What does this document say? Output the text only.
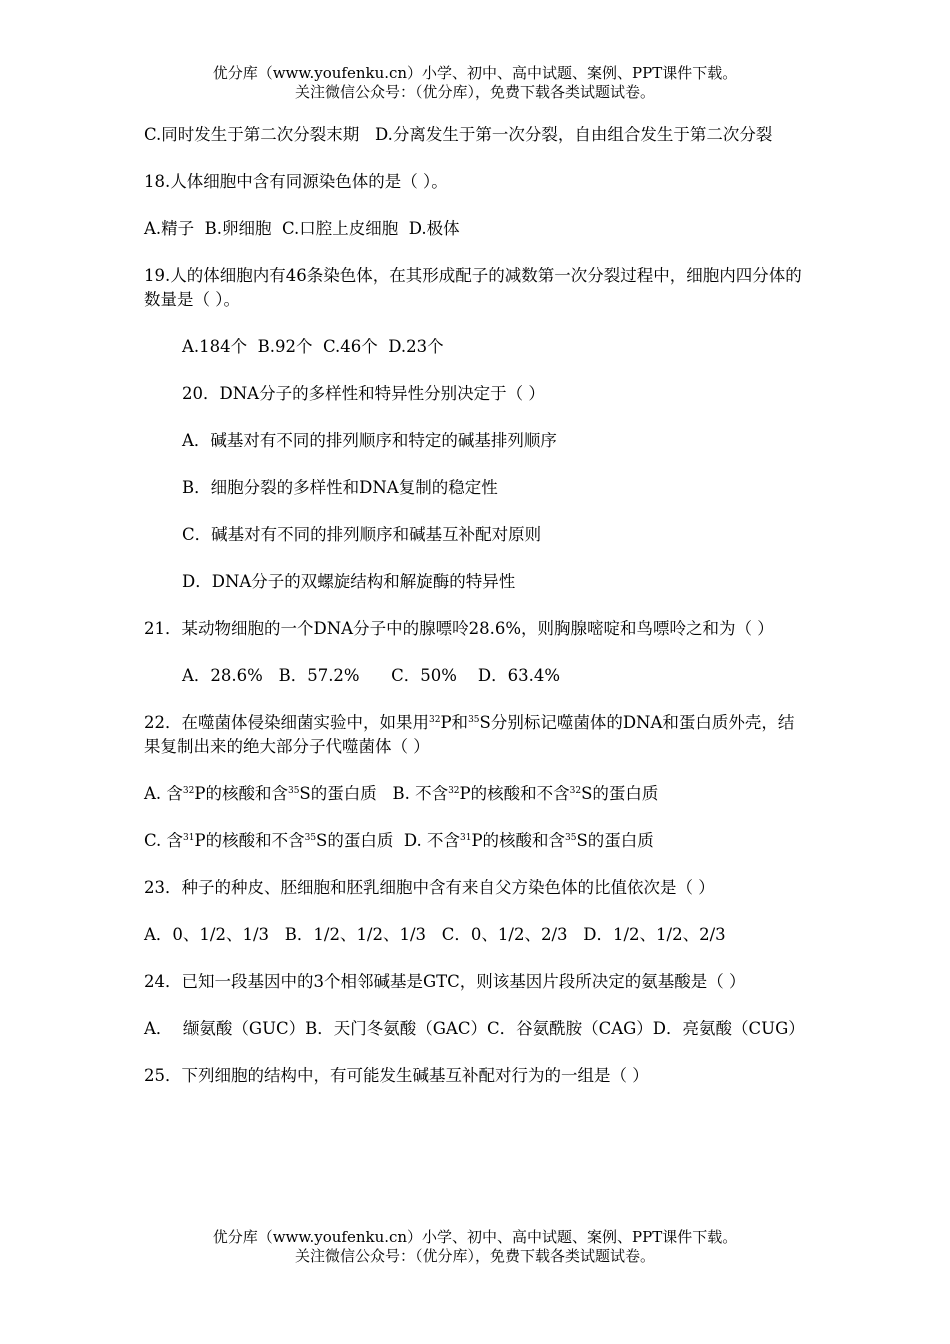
优分库（www.youfenku.cn）小学、初中、高中试题、案例、PPT课件下载。
关注微信公众号：（优分库），免费下载各类试题试卷。

C.同时发生于第二次分裂末期   D.分离发生于第一次分裂，自由组合发生于第二次分裂

18.人体细胞中含有同源染色体的是（ ）。

A.精子  B.卵细胞  C.口腔上皮细胞  D.极体

19.人的体细胞内有46条染色体，在其形成配子的减数第一次分裂过程中，细胞内四分体的数量是（ ）。

A.184个  B.92个  C.46个  D.23个

20．DNA分子的多样性和特异性分别决定于（ ）

A．碱基对有不同的排列顺序和特定的碱基排列顺序

B．细胞分裂的多样性和DNA复制的稳定性

C．碱基对有不同的排列顺序和碱基互补配对原则

D．DNA分子的双螺旋结构和解旋酶的特异性

21．某动物细胞的一个DNA分子中的腺嘌呤28.6%，则胸腺嘧啶和鸟嘌呤之和为（ ）

A．28.6%   B．57.2%      C．50%    D．63.4%

22．在噬菌体侵染细菌实验中，如果用$^{32}$P和$^{35}$S分别标记噬菌体的DNA和蛋白质外壳，结果复制出来的绝大部分子代噬菌体（ ）

A. 含$^{32}$P的核酸和含$^{35}$S的蛋白质   B. 不含$^{32}$P的核酸和不含$^{32}$S的蛋白质

C. 含$^{31}$P的核酸和不含$^{35}$S的蛋白质  D. 不含$^{31}$P的核酸和含$^{35}$S的蛋白质

23．种子的种皮、胚细胞和胚乳细胞中含有来自父方染色体的比值依次是（ ）

A．0、1/2、1/3   B．1/2、1/2、1/3   C．0、1/2、2/3   D．1/2、1/2、2/3

24．已知一段基因中的3个相邻碱基是GTC，则该基因片段所决定的氨基酸是（ ）

A．  缬氨酸（GUC）B．天门冬氨酸（GAC）C．谷氨酰胺（CAG）D．亮氨酸（CUG）

25．下列细胞的结构中，有可能发生碱基互补配对行为的一组是（ ）

优分库（www.youfenku.cn）小学、初中、高中试题、案例、PPT课件下载。
关注微信公众号：（优分库），免费下载各类试题试卷。
